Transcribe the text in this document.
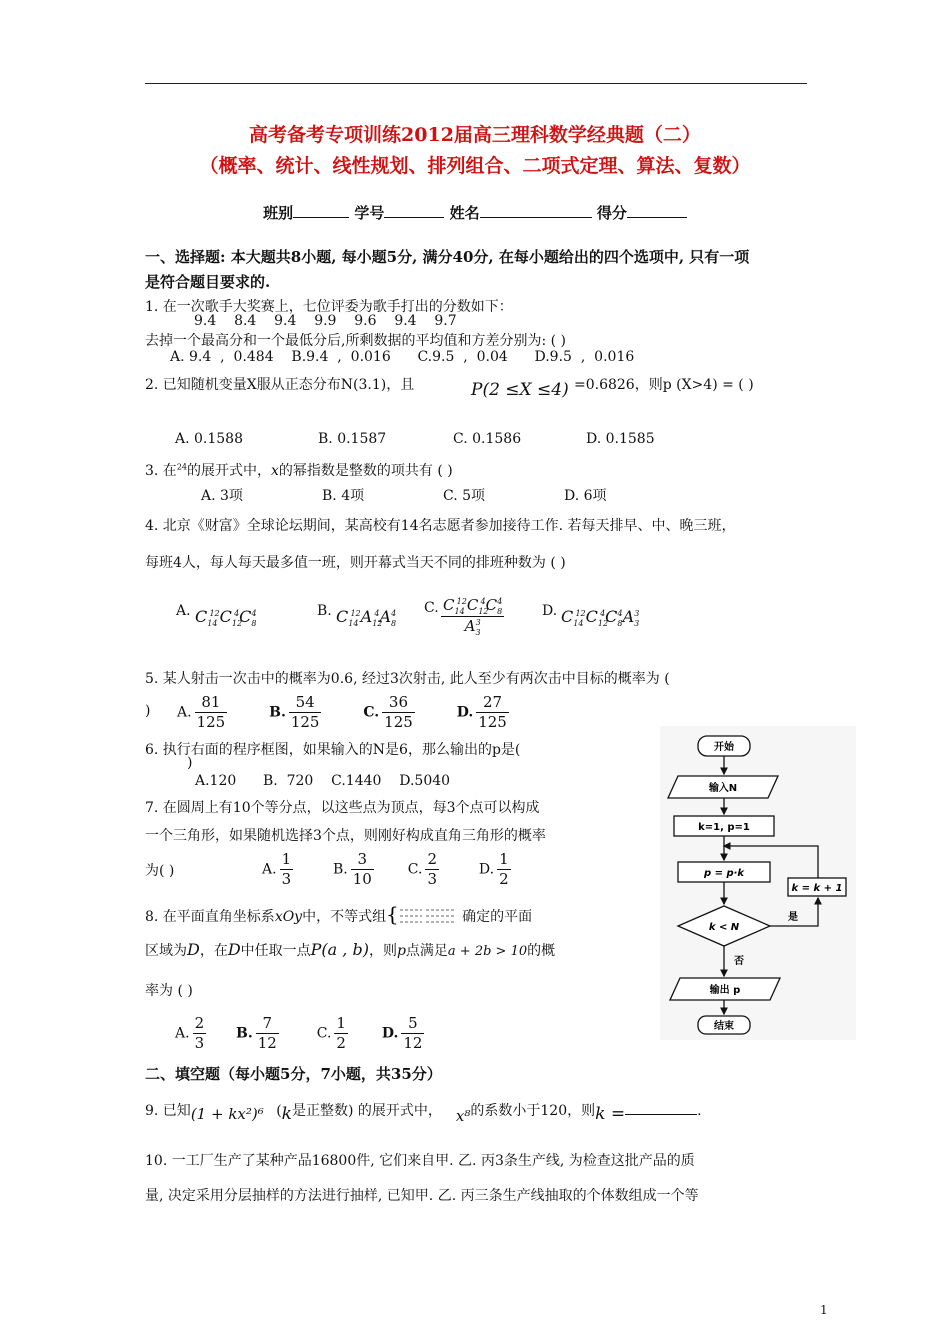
高考备考专项训练2012届高三理科数学经典题（二）
（概率、统计、线性规划、排列组合、二项式定理、算法、复数）
班别	学号	姓名	得分
一、选择题: 本大题共8小题, 每小题5分, 满分40分, 在每小题给出的四个选项中, 只有一项
是符合题目要求的.
1. 在一次歌手大奖赛上，七位评委为歌手打出的分数如下：
9.4    8.4    9.4    9.9    9.6    9.4    9.7
去掉一个最高分和一个最低分后,所剩数据的平均值和方差分别为: ( )
A. 9.4  ,  0.484    B.9.4  ,  0.016      C.9.5  ,  0.04      D.9.5  ,  0.016
2. 已知随机变量X服从正态分布N(3.1)，且	P(2 ≤X ≤4) =0.6826，则p (X>4) = ( )
A. 0.1588	B. 0.1587	C. 0.1586	D. 0.1585
3. 在$^{24}$的展开式中，x的幂指数是整数的项共有 ( )
A. 3项	B. 4项	C. 5项	D. 6项
4. 北京《财富》全球论坛期间，某高校有14名志愿者参加接待工作. 若每天排早、中、晚三班，
每班4人，每人每天最多值一班，则开幕式当天不同的排班种数为 ( )
A. $C_{14}^{12}C_{12}^4C_8^4$	B. $C_{14}^{12}A_{12}^4A_8^4$ C. $C_{14}^{12}C_{12}^4C_8^4$
$A_3^3$
D. $C_{14}^{12}C_{12}^4C_8^4A_3^3$
5. 某人射击一次击中的概率为0.6, 经过3次射击, 此人至少有两次击中目标的概率为 (
) A. $\frac{81}{125}$	B. $\frac{54}{125}$	C. $\frac{36}{125}$	D. $\frac{27}{125}$
6. 执行右面的程序框图，如果输入的N是6，那么输出的p是(
)
A.120      B.  720    C.1440    D.5040
7. 在圆周上有10个等分点，以这些点为顶点，每3个点可以构成
一个三角形，如果随机选择3个点，则刚好构成直角三角形的概率
为( )	A. $\frac{1}{3}$	B. $\frac{3}{10} C$. $\frac{2}{3}$	D. $\frac{1}{2}$
8. 在平面直角坐标系xOy中，不等式组 {	确定的平面
区域为D，在D中任取一点P(a , b)，则p点满足a + 2b > 10的概
率为 ( )
A. $\frac{2}{3} B$. $\frac{7}{12}$	C. $\frac{1}{2} D$. $\frac{5}{12}$
二、填空题（每小题5分，7小题，共35分）
9. 已知(1 + kx²)⁶ (k是正整数) 的展开式中， x⁸的系数小于120，则k =	.
10. 一工厂生产了某种产品16800件, 它们来自甲. 乙. 丙3条生产线, 为检查这批产品的质
量, 决定采用分层抽样的方法进行抽样, 已知甲. 乙. 丙三条生产线抽取的个体数组成一个等
开始
输入N
k=1, p=1
p = p·k
k < N
是
k = k + 1
否
输出 p
结束
1
